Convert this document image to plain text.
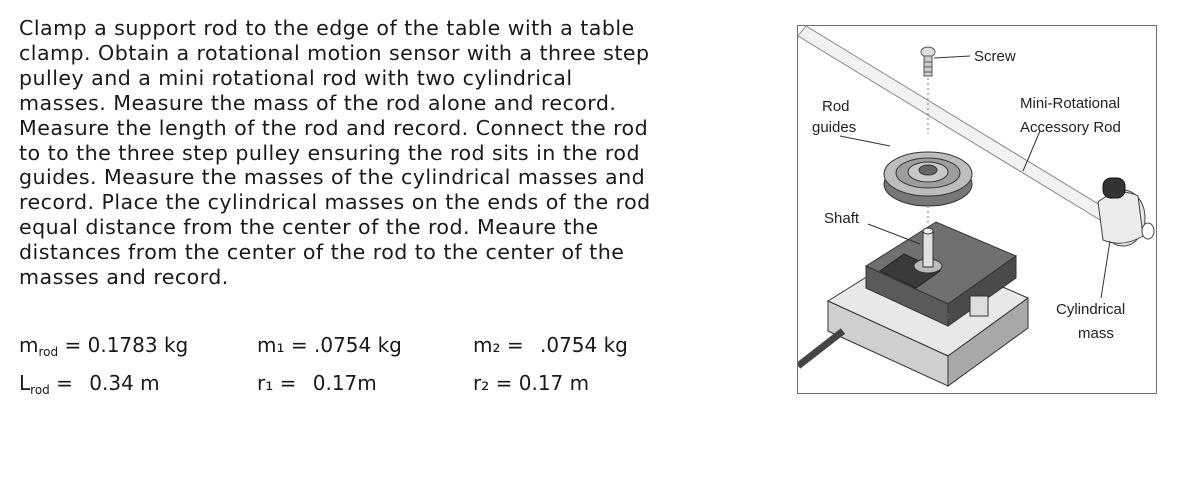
Clamp a support rod to the edge of the table with a table
clamp. Obtain a rotational motion sensor with a three step
pulley and a mini rotational rod with two cylindrical
masses. Measure the mass of the rod alone and record.
Measure the length of the rod and record. Connect the rod
to to the three step pulley ensuring the rod sits in the rod
guides. Measure the masses of the cylindrical masses and
record. Place the cylindrical masses on the ends of the rod
equal distance from the center of the rod. Meaure the
distances from the center of the rod to the center of the
masses and record.

$m_{rod} = 0.1783$ kg	m₁ = .0754 kg	m₂ = .0754 kg
$L_{rod} = 0.34$ m	r₁ = 0.17m	r₂ = 0.17 m
Screw
Rod
guides
Mini-Rotational
Accessory Rod
Shaft
Cylindrical
mass
